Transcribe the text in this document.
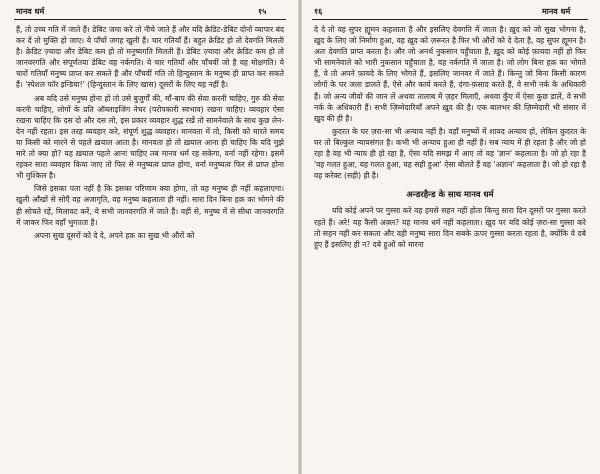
मानव धर्म	१५

हैं, तो उच्च गति में जाते हैं। डेबिट जमा करे तो नीचे जाते हैं और यदि क्रेडिट-डेबिट दोनों व्यापार बंद कर दें तो मुक्ति हो जाए। ये पाँचों जगह खुली हैं। चार गतियाँ हैं। बहुत क्रेडिट हो तो देवगति मिलती है। क्रेडिट ज़्यादा और डेबिट कम हो तो मनुष्यगति मिलती है। डेबिट ज़्यादा और क्रेडिट कम हो तो जानवरगति और संपूर्णतया डेबिट वह नर्कगति। ये चार गतियाँ और पाँचवीं जो है वह मोक्षगति। ये चारों गतियाँ मनुष्य प्राप्त कर सकते हैं और पाँचवीं गति तो हिन्दुस्तान के मनुष्य ही प्राप्त कर सकते हैं। 'स्पेशल फॉर इन्डिया!' (हिन्दुस्तान के लिए खास) दूसरों के लिए यह नहीं है।

अब यदि उसे मनुष्य होना हो तो उसे बुजुर्गों की, माँ-बाप की सेवा करनी चाहिए, गुरु की सेवा करनी चाहिए, लोगों के प्रति ऑब्लाइजिंग नेचर (परोपकारी स्वभाव) रखना चाहिए। व्यवहार ऐसा रखना चाहिए कि दस दो और दस लो, इस प्रकार व्यवहार शुद्ध रखें तो सामनेवाले के साथ कुछ लेन-देन नहीं रहता। इस तरह व्यवहार करे, संपूर्ण शुद्ध व्यवहार। मानवता में तो, किसी को मारते समय या किसी को मारने से पहले ख़याल आता है। मानवता हो तो ख़याल आना ही चाहिए कि यदि मुझे मारे तो क्या हो? यह ख़याल पहले आना चाहिए तब मानव धर्म रह सकेगा, वर्ना नहीं रहेगा। इसमें रहकर सारा व्यवहार किया जाए तो फिर से मनुष्यत्व प्राप्त होगा, वर्ना मनुष्यत्व फिर से प्राप्त होना भी मुश्किल है।

जिसे इसका पता नहीं है कि इसका परिणाम क्या होगा, तो वह मनुष्य ही नहीं कहलाएगा। खुली आँखों से सोएँ वह अजागृति, वह मनुष्य कहलाता ही नहीं। सारा दिन बिना हक़ का भोगने की ही सोचते रहें, मिलावट करें, ये सभी जानवरगति में जाते हैं। वहीं से, मनुष्य में से सीधा जानवरगति में जाकर फिर वहाँ भुगतता है।

अपना सुख दूसरों को दे दे, अपने हक़ का सुख भी औरों को

१६	मानव धर्म

दे दे तो वह सुपर ह्यूमन कहलाता है और इसलिए देवगति में जाता है। ख़ुद को जो सुख भोगना है, ख़ुद के लिए जो निर्माण हुआ, वह ख़ुद को ज़रूरत है फिर भी औरों को दे देता है, वह सुपर ह्यूमन है। अतः देवगति प्राप्त करता है। और जो अनर्थ नुकसान पहुँचाता है, ख़ुद को कोई फ़ायदा नहीं हो फिर भी सामनेवाले को भारी नुकसान पहुँचाता है, वह नर्कगति में जाता है। जो लोग बिना हक़ का भोगते हैं, वे तो अपने फ़ायदे के लिए भोगते हैं, इसलिए जानवर में जाते हैं। किन्तु जो बिना किसी कारण लोगों के घर जला डालते हैं, ऐसे और कार्य करते हैं, दंगा-फ़साद करते हैं, वे सभी नर्क के अधिकारी हैं। जो अन्य जीवों की जान लें अथवा तालाब में ज़हर मिलाएँ, अथवा कुँए में ऐसा कुछ डालें, वे सभी नर्क के अधिकारी हैं। सभी ज़िम्मेदारियाँ अपने ख़ुद की है। एक बालभर की ज़िम्मेदारी भी संसार में ख़ुद की ही है।

क़ुदरत के घर ज़रा-सा भी अन्याय नहीं है। वहाँ मनुष्यों में शायद अन्याय हो, लेकिन क़ुदरत के घर तो बिल्कुल न्यायसंगत है। कभी भी अन्याय हुआ ही नहीं है। सब न्याय में ही रहता है और जो हो रहा है वह भी न्याय ही हो रहा है, ऐसा यदि समझ में आए तो वह 'ज्ञान' कहलाता है। जो हो रहा है 'वह गलत हुआ, यह गलत हुआ, यह सही हुआ' ऐसा बोलते हैं वह 'अज्ञान' कहलाता है। जो हो रहा है वह करेक्ट (सही) ही है।

अन्डरहैन्ड के साथ मानव धर्म

यदि कोई अपने पर गुस्सा करे वह हमसे सहन नहीं होता किन्तु सारा दिन दूसरों पर गुस्सा करते रहते हैं। अरे! यह कैसी अक़्ल? यह मानव धर्म नहीं कहलाता। ख़ुद पर यदि कोई ज़रा-सा गुस्सा करे तो सहन नहीं कर सकता और वही मनुष्य सारा दिन सबके ऊपर गुस्सा करता रहता है, क्योंकि वे दबे हुए हैं इसलिए ही न? दबे हुओं को मारना
